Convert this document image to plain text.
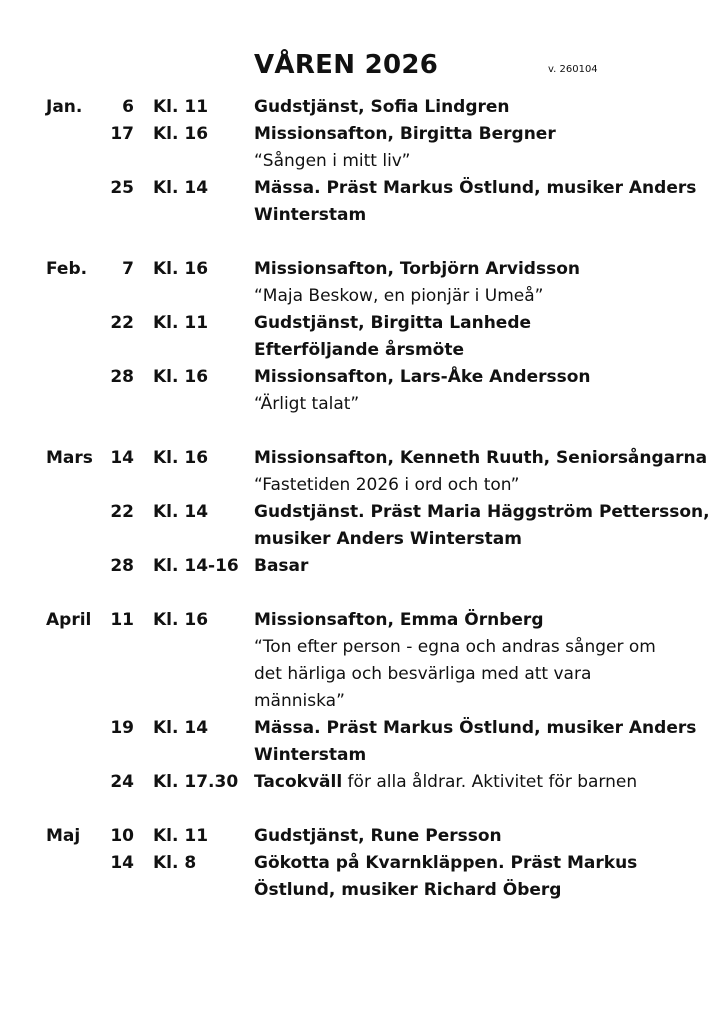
VÅREN 2026	v. 260104
Jan.	6 Kl. 11	Gudstjänst, Sofia Lindgren
17 Kl. 16	Missionsafton, Birgitta Bergner
“Sången i mitt liv”
25 Kl. 14	Mässa. Präst Markus Östlund, musiker Anders
Winterstam
Feb.	7 Kl. 16	Missionsafton, Torbjörn Arvidsson
“Maja Beskow, en pionjär i Umeå”
22 Kl. 11	Gudstjänst, Birgitta Lanhede
Efterföljande årsmöte
28 Kl. 16	Missionsafton, Lars-Åke Andersson
“Ärligt talat”
Mars	14 Kl. 16	Missionsafton, Kenneth Ruuth, Seniorsångarna
“Fastetiden 2026 i ord och ton”
22 Kl. 14	Gudstjänst. Präst Maria Häggström Pettersson,
musiker Anders Winterstam
28 Kl. 14-16 Basar
April	11 Kl. 16	Missionsafton, Emma Örnberg
“Ton efter person - egna och andras sånger om
det härliga och besvärliga med att vara
människa”
19 Kl. 14	Mässa. Präst Markus Östlund, musiker Anders
Winterstam
24 Kl. 17.30 Tacokväll för alla åldrar. Aktivitet för barnen
Maj	10 Kl. 11	Gudstjänst, Rune Persson
14 Kl. 8	Gökotta på Kvarnkläppen. Präst Markus
Östlund, musiker Richard Öberg
